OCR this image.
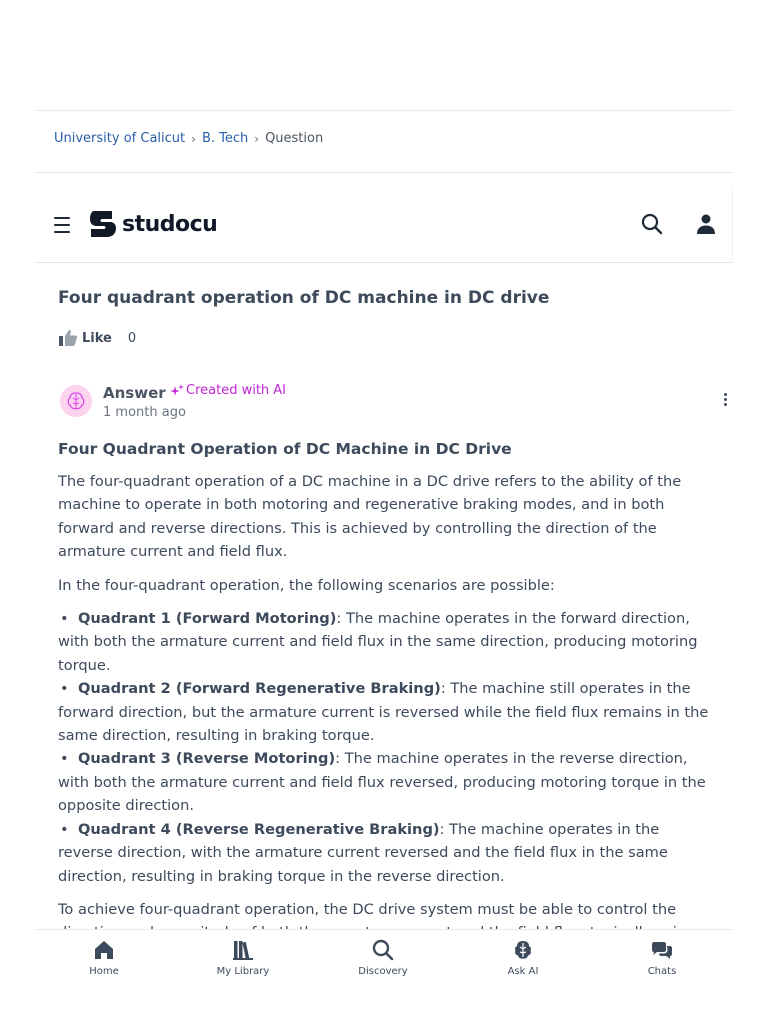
University of Calicut › B. Tech › Question
Four quadrant operation of DC machine in DC drive
Like 0
Answer Created with AI
1 month ago
Four Quadrant Operation of DC Machine in DC Drive

The four-quadrant operation of a DC machine in a DC drive refers to the ability of the machine to operate in both motoring and regenerative braking modes, and in both forward and reverse directions. This is achieved by controlling the direction of the armature current and field flux.

In the four-quadrant operation, the following scenarios are possible:

• Quadrant 1 (Forward Motoring): The machine operates in the forward direction, with both the armature current and field flux in the same direction, producing motoring torque.
• Quadrant 2 (Forward Regenerative Braking): The machine still operates in the forward direction, but the armature current is reversed while the field flux remains in the same direction, resulting in braking torque.
• Quadrant 3 (Reverse Motoring): The machine operates in the reverse direction, with both the armature current and field flux reversed, producing motoring torque in the opposite direction.
• Quadrant 4 (Reverse Regenerative Braking): The machine operates in the reverse direction, with the armature current reversed and the field flux in the same direction, resulting in braking torque in the reverse direction.

To achieve four-quadrant operation, the DC drive system must be able to control the

studocu
Home	My Library	Discovery	Ask AI	Chats
